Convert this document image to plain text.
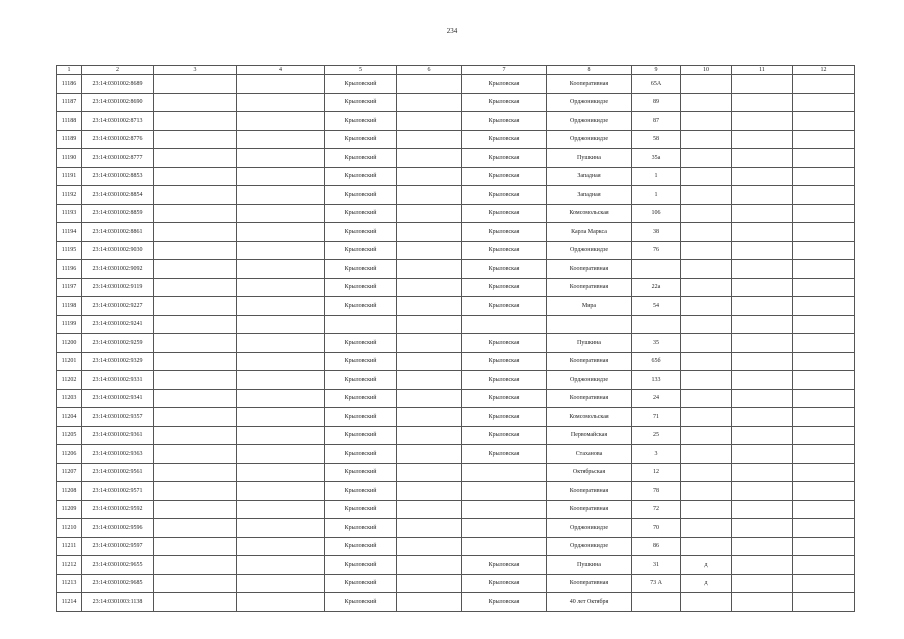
234
1	2	3	4	5	6	7	8	9	10	11	12
11186	23:14:0301002:8689			Крыловский		Крыловская	Кооперативная	65А			
11187	23:14:0301002:8690			Крыловский		Крыловская	Орджоникидзе	89			
11188	23:14:0301002:8713			Крыловский		Крыловская	Орджоникидзе	87			
11189	23:14:0301002:8776			Крыловский		Крыловская	Орджоникидзе	58			
11190	23:14:0301002:8777			Крыловский		Крыловская	Пушкина	35а			
11191	23:14:0301002:8853			Крыловский		Крыловская	Западная	1			
11192	23:14:0301002:8854			Крыловский		Крыловская	Западная	1			
11193	23:14:0301002:8859			Крыловский		Крыловская	Комсомольская	106			
11194	23:14:0301002:8861			Крыловский		Крыловская	Карла Маркса	38			
11195	23:14:0301002:9030			Крыловский		Крыловская	Орджоникидзе	76			
11196	23:14:0301002:9092			Крыловский		Крыловская	Кооперативная				
11197	23:14:0301002:9119			Крыловский		Крыловская	Кооперативная	22а			
11198	23:14:0301002:9227			Крыловский		Крыловская	Мира	54			
11199	23:14:0301002:9241										
11200	23:14:0301002:9259			Крыловский		Крыловская	Пушкина	35			
11201	23:14:0301002:9329			Крыловский		Крыловская	Кооперативная	65б			
11202	23:14:0301002:9331			Крыловский		Крыловская	Орджоникидзе	133			
11203	23:14:0301002:9341			Крыловский		Крыловская	Кооперативная	24			
11204	23:14:0301002:9357			Крыловский		Крыловская	Комсомольская	71			
11205	23:14:0301002:9361			Крыловский		Крыловская	Первомайская	25			
11206	23:14:0301002:9363			Крыловский		Крыловская	Стаханова	3			
11207	23:14:0301002:9561			Крыловский			Октябрьская	12			
11208	23:14:0301002:9571			Крыловский			Кооперативная	78			
11209	23:14:0301002:9592			Крыловский			Кооперативная	72			
11210	23:14:0301002:9596			Крыловский			Орджоникидзе	70			
11211	23:14:0301002:9597			Крыловский			Орджоникидзе	86			
11212	23:14:0301002:9655			Крыловский		Крыловская	Пушкина	31	д		
11213	23:14:0301002:9685			Крыловский		Крыловская	Кооперативная	73 А	д		
11214	23:14:0301003:1138			Крыловский		Крыловская	40 лет Октября				
